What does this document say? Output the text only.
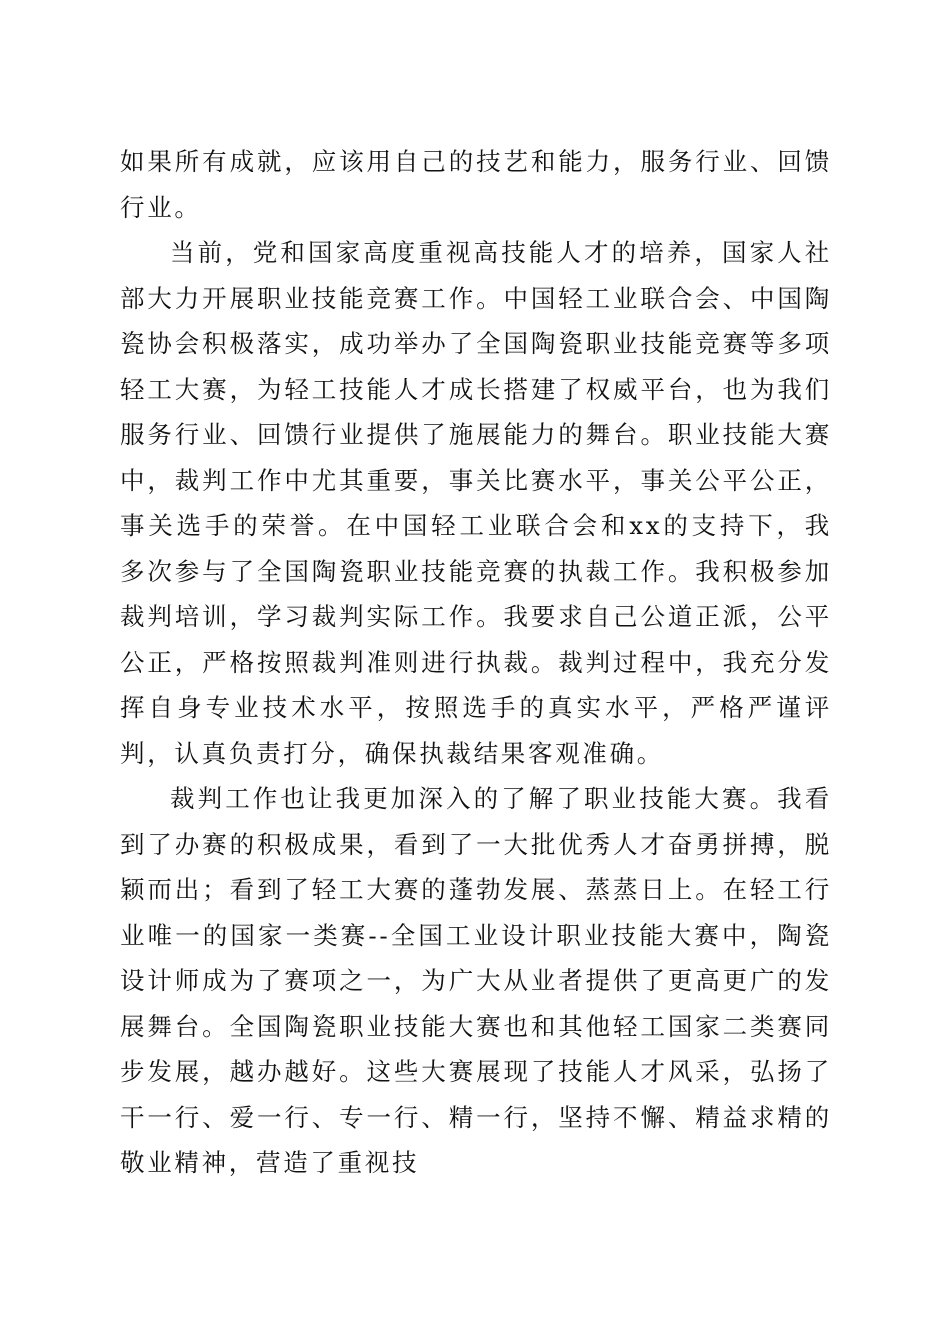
如果所有成就，应该用自己的技艺和能力，服务行业、回馈行业。

当前，党和国家高度重视高技能人才的培养，国家人社部大力开展职业技能竞赛工作。中国轻工业联合会、中国陶瓷协会积极落实，成功举办了全国陶瓷职业技能竞赛等多项轻工大赛，为轻工技能人才成长搭建了权威平台，也为我们服务行业、回馈行业提供了施展能力的舞台。职业技能大赛中，裁判工作中尤其重要，事关比赛水平，事关公平公正，事关选手的荣誉。在中国轻工业联合会和xx的支持下，我多次参与了全国陶瓷职业技能竞赛的执裁工作。我积极参加裁判培训，学习裁判实际工作。我要求自己公道正派，公平公正，严格按照裁判准则进行执裁。裁判过程中，我充分发挥自身专业技术水平，按照选手的真实水平，严格严谨评判，认真负责打分，确保执裁结果客观准确。

裁判工作也让我更加深入的了解了职业技能大赛。我看到了办赛的积极成果，看到了一大批优秀人才奋勇拼搏，脱颖而出；看到了轻工大赛的蓬勃发展、蒸蒸日上。在轻工行业唯一的国家一类赛--全国工业设计职业技能大赛中，陶瓷设计师成为了赛项之一，为广大从业者提供了更高更广的发展舞台。全国陶瓷职业技能大赛也和其他轻工国家二类赛同步发展，越办越好。这些大赛展现了技能人才风采，弘扬了干一行、爱一行、专一行、精一行，坚持不懈、精益求精的敬业精神，营造了重视技
